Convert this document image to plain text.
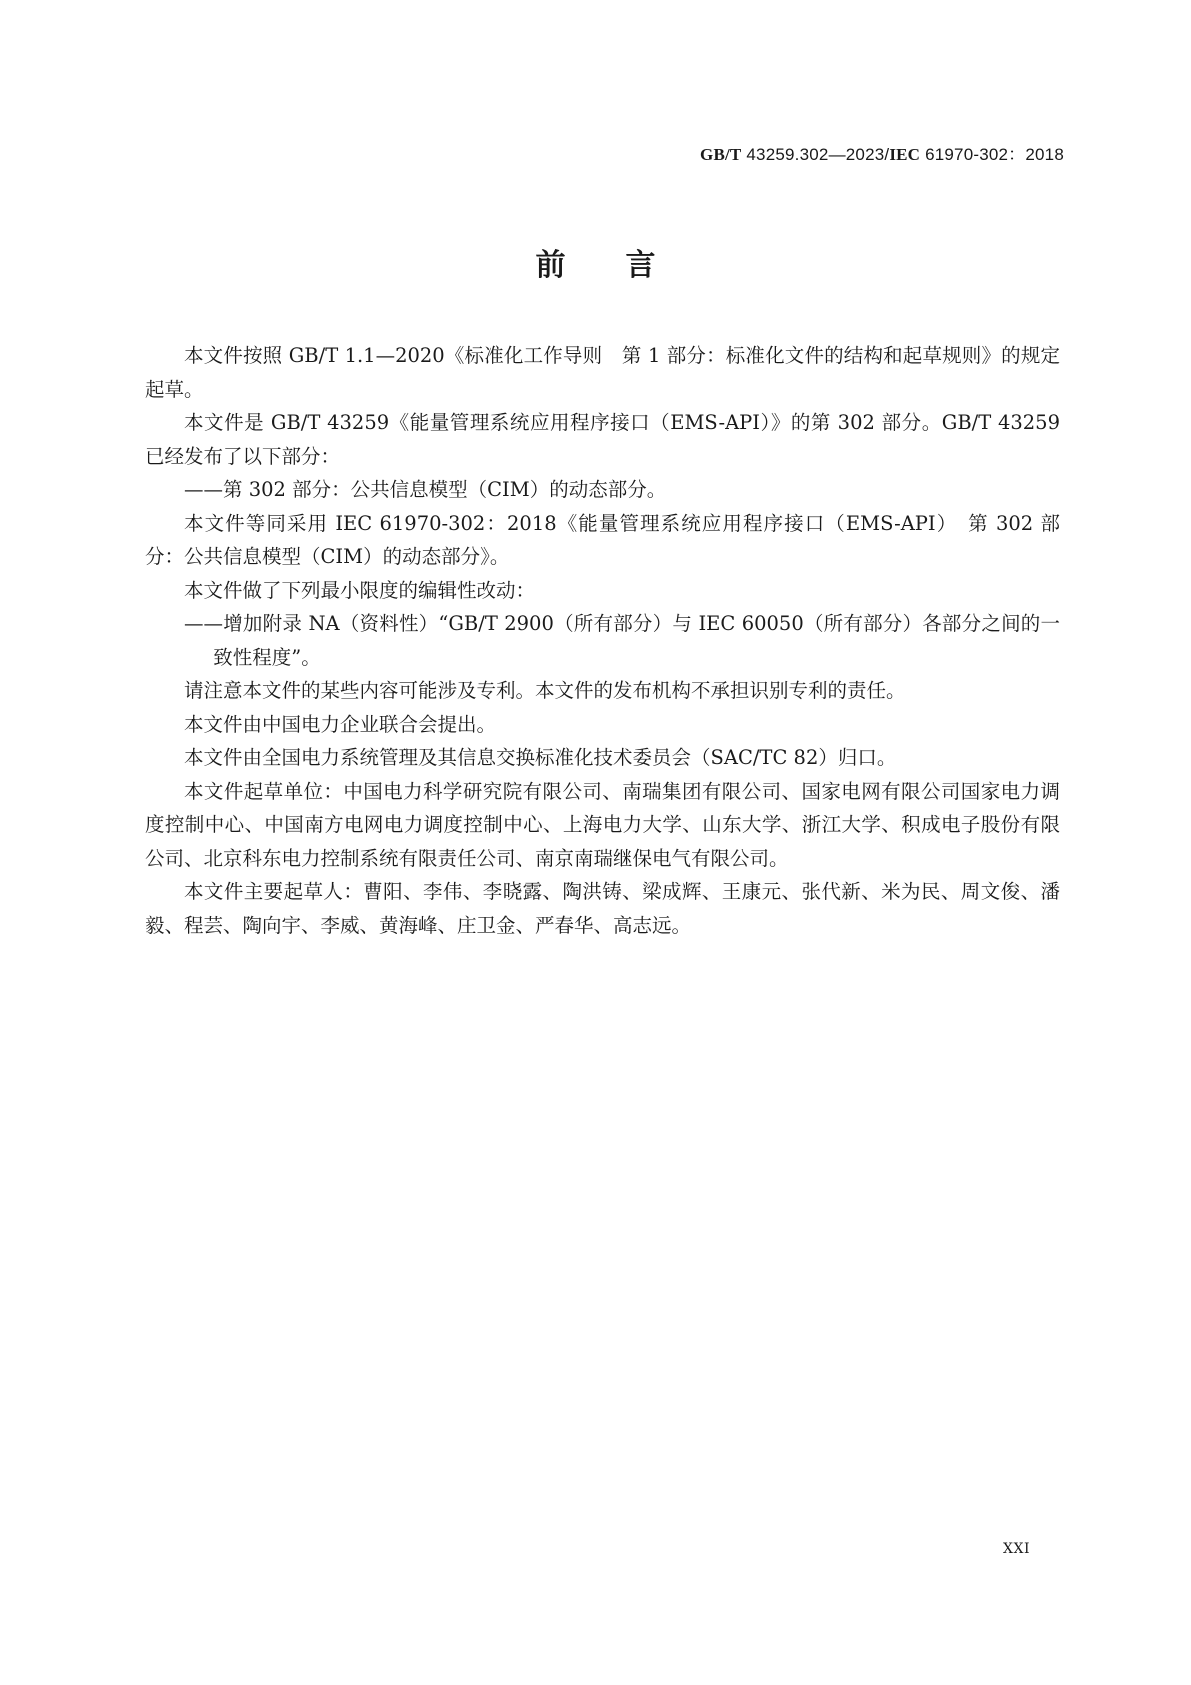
GB/T 43259.302—2023/IEC 61970-302：2018
前言

本文件按照 GB/T 1.1—2020《标准化工作导则　第 1 部分：标准化文件的结构和起草规则》的规定起草。

本文件是 GB/T 43259《能量管理系统应用程序接口（EMS-API）》的第 302 部分。GB/T 43259已经发布了以下部分：

——第 302 部分：公共信息模型（CIM）的动态部分。

本文件等同采用 IEC 61970-302：2018《能量管理系统应用程序接口（EMS-API）　第 302 部分：公共信息模型（CIM）的动态部分》。

本文件做了下列最小限度的编辑性改动：

——增加附录 NA（资料性）“GB/T 2900（所有部分）与 IEC 60050（所有部分）各部分之间的一致性程度”。

请注意本文件的某些内容可能涉及专利。本文件的发布机构不承担识别专利的责任。

本文件由中国电力企业联合会提出。

本文件由全国电力系统管理及其信息交换标准化技术委员会（SAC/TC 82）归口。

本文件起草单位：中国电力科学研究院有限公司、南瑞集团有限公司、国家电网有限公司国家电力调度控制中心、中国南方电网电力调度控制中心、上海电力大学、山东大学、浙江大学、积成电子股份有限公司、北京科东电力控制系统有限责任公司、南京南瑞继保电气有限公司。

本文件主要起草人：曹阳、李伟、李晓露、陶洪铸、梁成辉、王康元、张代新、米为民、周文俊、潘毅、程芸、陶向宇、李威、黄海峰、庄卫金、严春华、高志远。

XXI
